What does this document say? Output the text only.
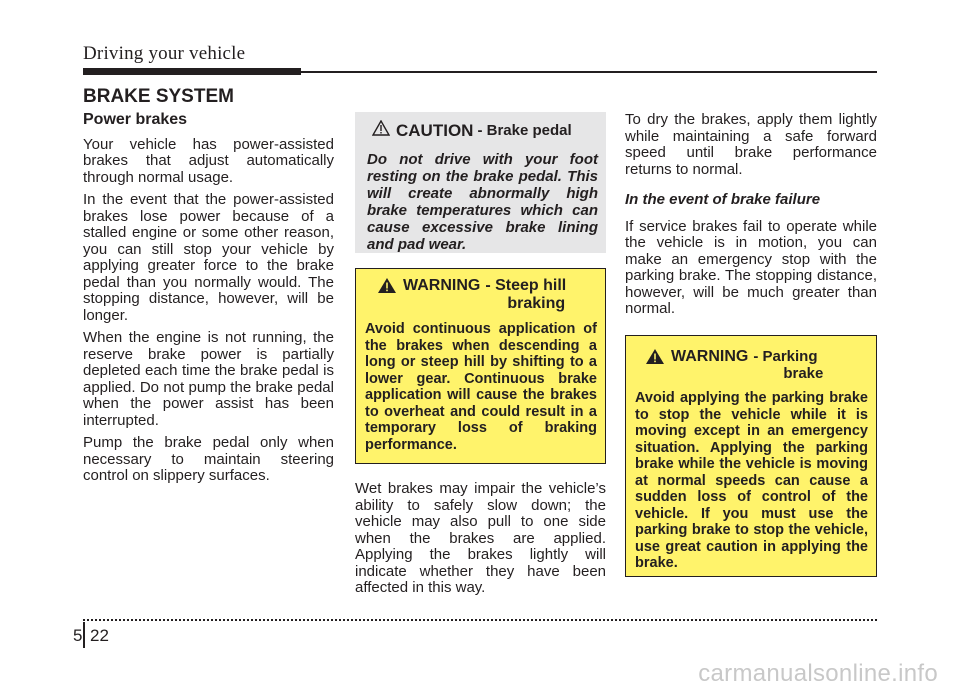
Driving your vehicle
BRAKE SYSTEM
Power brakes

Your vehicle has power-assisted brakes that adjust automatically through normal usage.

In the event that the power-assisted brakes lose power because of a stalled engine or some other reason, you can still stop your vehicle by applying greater force to the brake pedal than you normally would. The stopping distance, however, will be longer.

When the engine is not running, the reserve brake power is partially depleted each time the brake pedal is applied. Do not pump the brake pedal when the power assist has been interrupted.

Pump the brake pedal only when necessary to maintain steering control on slippery surfaces.

CAUTION - Brake pedal
Do not drive with your foot resting on the brake pedal. This will create abnormally high brake temperatures which can cause excessive brake lining and pad wear.
WARNING - Steep hill
braking
Avoid continuous application of the brakes when descending a long or steep hill by shifting to a lower gear. Continuous brake application will cause the brakes to overheat and could result in a temporary loss of braking performance.

Wet brakes may impair the vehicle’s ability to safely slow down; the vehicle may also pull to one side when the brakes are applied. Applying the brakes lightly will indicate whether they have been affected in this way.

To dry the brakes, apply them lightly while maintaining a safe forward speed until brake performance returns to normal.

In the event of brake failure

If service brakes fail to operate while the vehicle is in motion, you can make an emergency stop with the parking brake. The stopping distance, however, will be much greater than normal.

WARNING - Parking
brake
Avoid applying the parking brake to stop the vehicle while it is moving except in an emergency situation. Applying the parking brake while the vehicle is moving at normal speeds can cause a sudden loss of control of the vehicle. If you must use the parking brake to stop the vehicle, use great caution in applying the brake.
5 22
carmanualsonline.info
